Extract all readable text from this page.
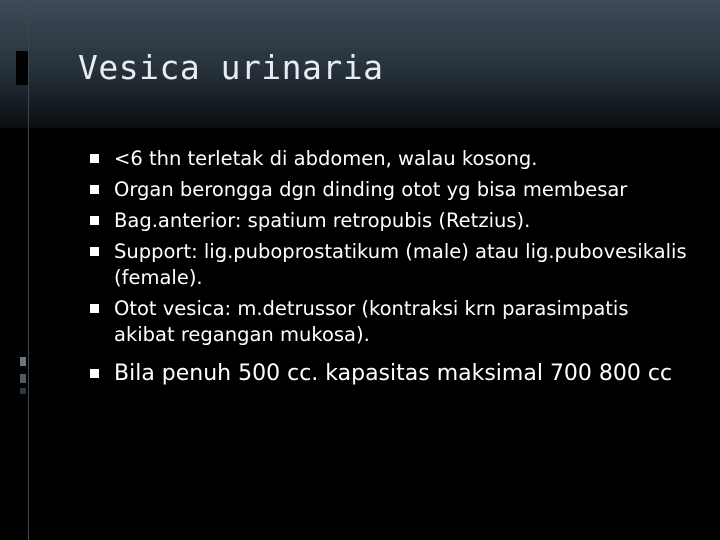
Vesica urinaria
<6 thn terletak di abdomen, walau kosong.
Organ berongga dgn dinding otot yg bisa membesar
Bag.anterior: spatium retropubis (Retzius).
Support: lig.puboprostatikum (male) atau lig.pubovesikalis (female).
Otot vesica: m.detrussor (kontraksi krn parasimpatis akibat regangan mukosa).
Bila penuh 500 cc. kapasitas maksimal 700 800 cc
